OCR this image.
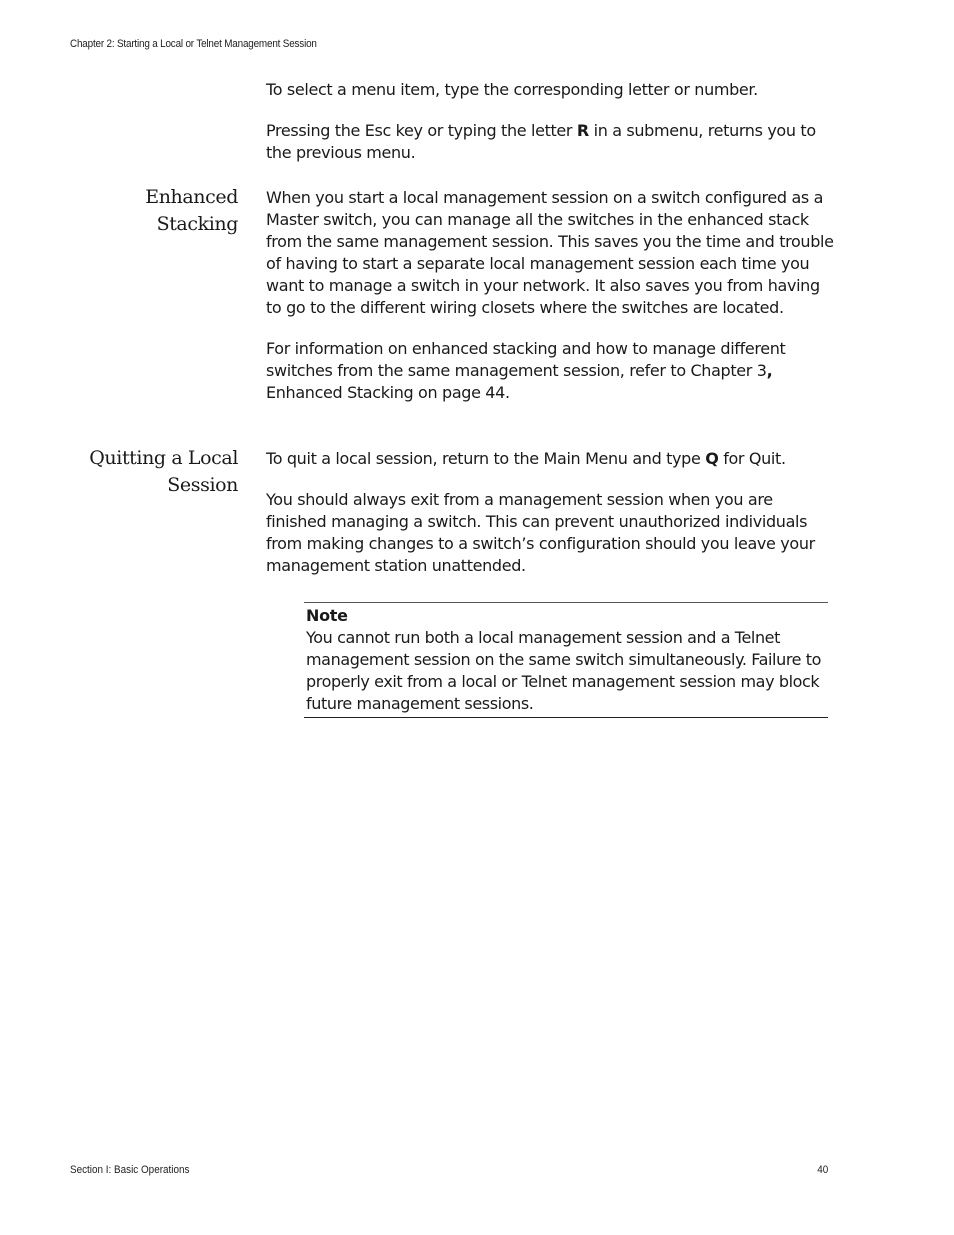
Chapter 2: Starting a Local or Telnet Management Session

To select a menu item, type the corresponding letter or number.

Pressing the Esc key or typing the letter R in a submenu, returns you to the previous menu.

Enhanced
Stacking

When you start a local management session on a switch configured as a Master switch, you can manage all the switches in the enhanced stack from the same management session. This saves you the time and trouble of having to start a separate local management session each time you want to manage a switch in your network. It also saves you from having to go to the different wiring closets where the switches are located.

For information on enhanced stacking and how to manage different switches from the same management session, refer to Chapter 3, Enhanced Stacking on page 44.

Quitting a Local
Session

To quit a local session, return to the Main Menu and type Q for Quit.

You should always exit from a management session when you are finished managing a switch. This can prevent unauthorized individuals from making changes to a switch’s configuration should you leave your management station unattended.

Note
You cannot run both a local management session and a Telnet management session on the same switch simultaneously. Failure to properly exit from a local or Telnet management session may block future management sessions.
Section I: Basic Operations	40
